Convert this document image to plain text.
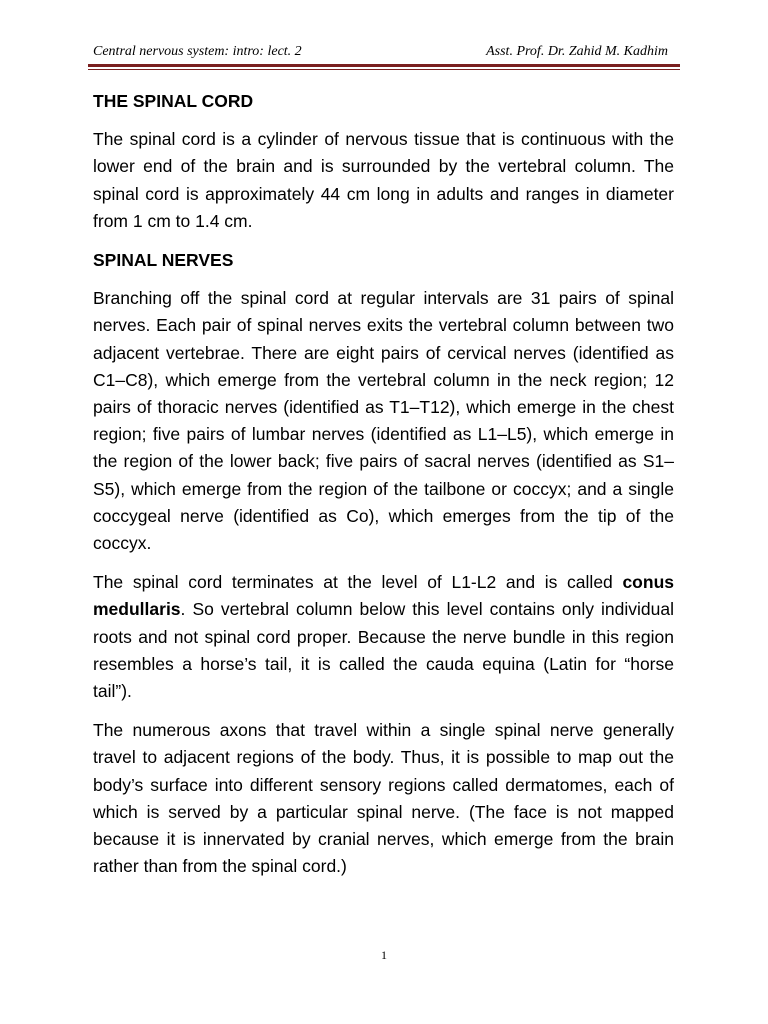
Central nervous system: intro: lect. 2	Asst. Prof. Dr. Zahid M. Kadhim
THE SPINAL CORD

The spinal cord is a cylinder of nervous tissue that is continuous with the lower end of the brain and is surrounded by the vertebral column. The spinal cord is approximately 44 cm long in adults and ranges in diameter from 1 cm to 1.4 cm.

SPINAL NERVES

Branching off the spinal cord at regular intervals are 31 pairs of spinal nerves. Each pair of spinal nerves exits the vertebral column between two adjacent vertebrae. There are eight pairs of cervical nerves (identified as C1–C8), which emerge from the vertebral column in the neck region; 12 pairs of thoracic nerves (identified as T1–T12), which emerge in the chest region; five pairs of lumbar nerves (identified as L1–L5), which emerge in the region of the lower back; five pairs of sacral nerves (identified as S1–S5), which emerge from the region of the tailbone or coccyx; and a single coccygeal nerve (identified as Co), which emerges from the tip of the coccyx.

The spinal cord terminates at the level of L1-L2 and is called conus medullaris. So vertebral column below this level contains only individual roots and not spinal cord proper. Because the nerve bundle in this region resembles a horse’s tail, it is called the cauda equina (Latin for “horse tail”).

The numerous axons that travel within a single spinal nerve generally travel to adjacent regions of the body. Thus, it is possible to map out the body’s surface into different sensory regions called dermatomes, each of which is served by a particular spinal nerve. (The face is not mapped because it is innervated by cranial nerves, which emerge from the brain rather than from the spinal cord.)

1
